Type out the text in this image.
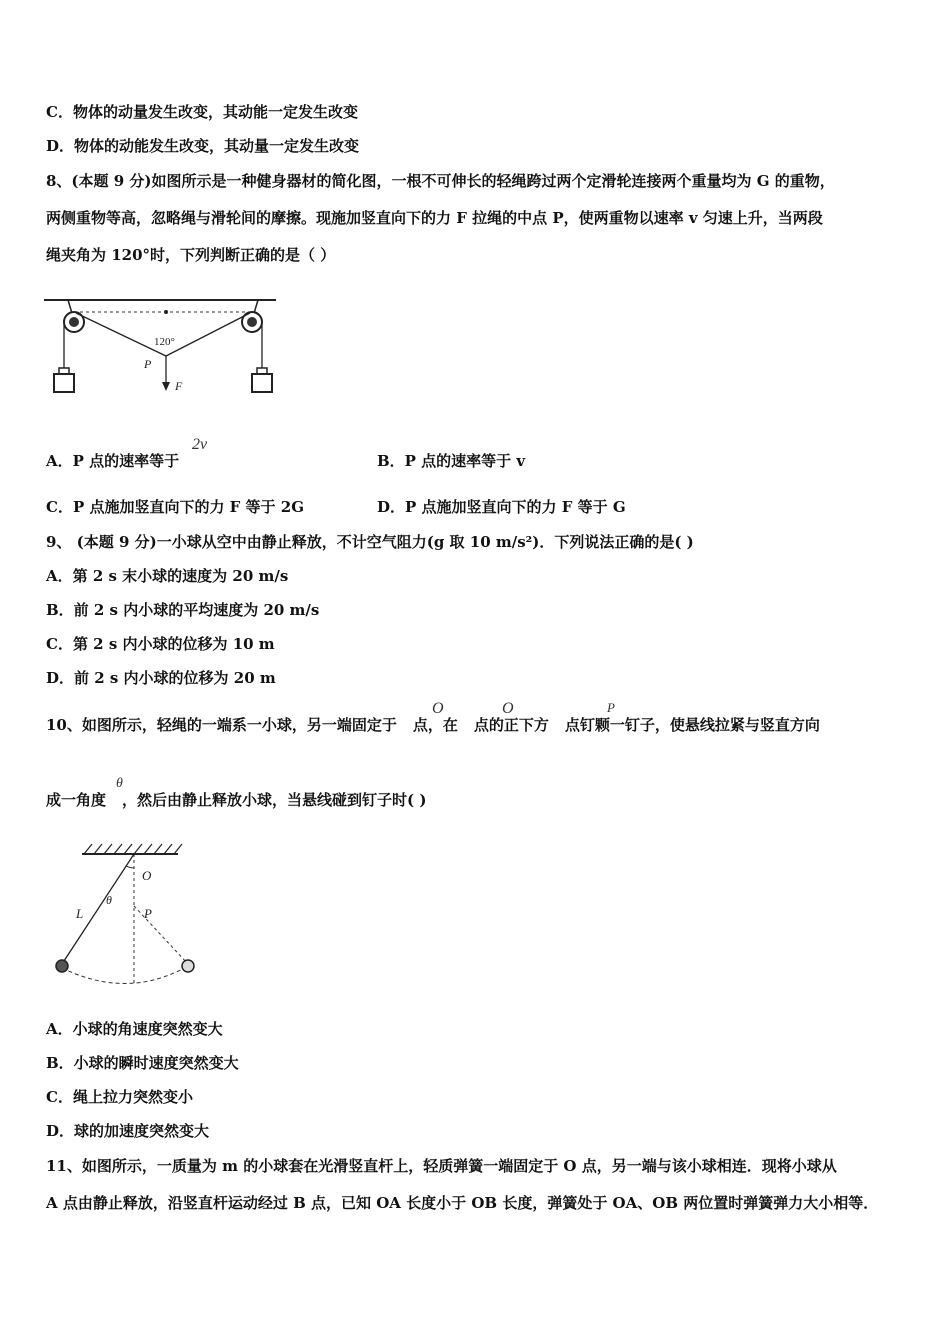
C．物体的动量发生改变，其动能一定发生改变
D．物体的动能发生改变，其动量一定发生改变
8、(本题 9 分)如图所示是一种健身器材的简化图，一根不可伸长的轻绳跨过两个定滑轮连接两个重量均为 G 的重物，
两侧重物等高，忽略绳与滑轮间的摩擦。现施加竖直向下的力 F 拉绳的中点 P，使两重物以速率 v 匀速上升，当两段
绳夹角为 120°时，下列判断正确的是（ ）
120°
P
F
A．P 点的速率等于
2v
B．P 点的速率等于 v
C．P 点施加竖直向下的力 F 等于 2G	D．P 点施加竖直向下的力 F 等于 G
9、 (本题 9 分)一小球从空中由静止释放，不计空气阻力(g 取 10 m/s²)．下列说法正确的是( )
A．第 2 s 末小球的速度为 20 m/s
B．前 2 s 内小球的平均速度为 20 m/s
C．第 2 s 内小球的位移为 10 m
D．前 2 s 内小球的位移为 20 m
10、如图所示，轻绳的一端系一小球，另一端固定于 点，在 点的正下方 点钉颗一钉子，使悬线拉紧与竖直方向
O	O	P
成一角度 ，然后由静止释放小球，当悬线碰到钉子时( )
θ
O
P
L
θ
A．小球的角速度突然变大
B．小球的瞬时速度突然变大
C．绳上拉力突然变小
D．球的加速度突然变大
11、如图所示，一质量为 m 的小球套在光滑竖直杆上，轻质弹簧一端固定于 O 点，另一端与该小球相连．现将小球从
A 点由静止释放，沿竖直杆运动经过 B 点，已知 OA 长度小于 OB 长度，弹簧处于 OA、OB 两位置时弹簧弹力大小相等．
